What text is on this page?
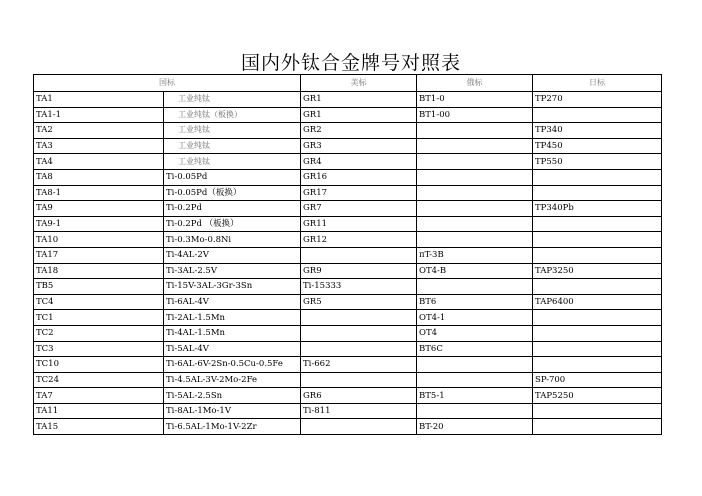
国内外钛合金牌号对照表
国标		美标	俄标	日标
TA1	工业纯钛	GR1	BT1-0	TP270
TA1-1	工业纯钛（板换）	GR1	BT1-00	
TA2	工业纯钛	GR2		TP340
TA3	工业纯钛	GR3		TP450
TA4	工业纯钛	GR4		TP550
TA8	Ti-0.05Pd	GR16		
TA8-1	Ti-0.05Pd（板换）	GR17		
TA9	Ti-0.2Pd	GR7		TP340Pb
TA9-1	Ti-0.2Pd （板换）	GR11		
TA10	Ti-0.3Mo-0.8Ni	GR12		
TA17	Ti-4AL-2V		πT-3B	
TA18	Ti-3AL-2.5V	GR9	OT4-B	TAP3250
TB5	Ti-15V-3AL-3Gr-3Sn	Ti-15333		
TC4	Ti-6AL-4V	GR5	BT6	TAP6400
TC1	Ti-2AL-1.5Mn		OT4-1	
TC2	Ti-4AL-1.5Mn		OT4	
TC3	Ti-5AL-4V		BT6C	
TC10	Ti-6AL-6V-2Sn-0.5Cu-0.5Fe	Ti-662		
TC24	Ti-4.5AL-3V-2Mo-2Fe			SP-700
TA7	Ti-5AL-2.5Sn	GR6	BT5-1	TAP5250
TA11	Ti-8AL-1Mo-1V	Ti-811		
TA15	Ti-6.5AL-1Mo-1V-2Zr		BT-20	
